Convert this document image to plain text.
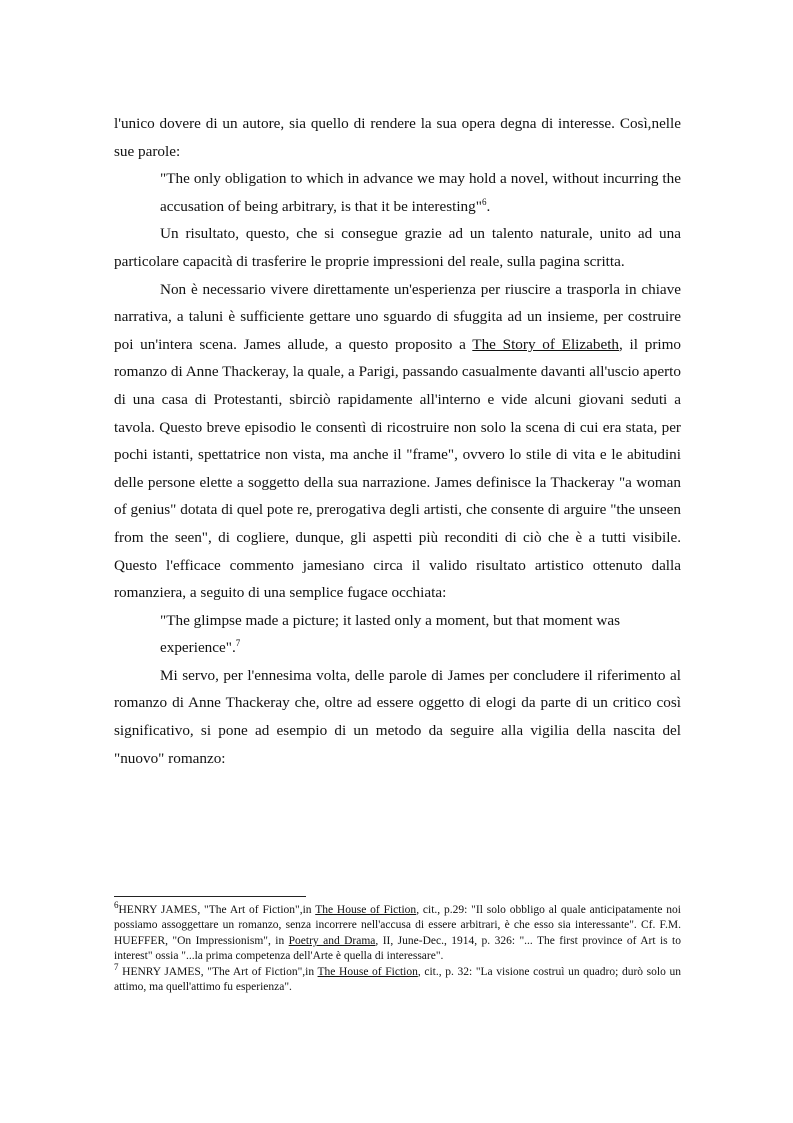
l'unico dovere di un autore, sia quello di rendere la sua opera degna di interesse. Così,nelle sue parole:

"The only obligation to which in advance we may hold a novel, without incurring the accusation of being arbitrary, is that it be interesting"$^6$.

Un risultato, questo, che si consegue grazie ad un talento naturale, unito ad una particolare capacità di trasferire le proprie impressioni del reale, sulla pagina scritta.

Non è necessario vivere direttamente un'esperienza per riuscire a trasporla in chiave narrativa, a taluni è sufficiente gettare uno sguardo di sfuggita ad un insieme, per costruire poi un'intera scena. James allude, a questo proposito a The Story of Elizabeth, il primo romanzo di Anne Thackeray, la quale, a Parigi, passando casualmente davanti all'uscio aperto di una casa di Protestanti, sbirciò rapidamente all'interno e vide alcuni giovani seduti a tavola. Questo breve episodio le consentì di ricostruire non solo la scena di cui era stata, per pochi istanti, spettatrice non vista, ma anche il "frame", ovvero lo stile di vita e le abitudini delle persone elette a soggetto della sua narrazione. James definisce la Thackeray "a woman of genius" dotata di quel pote re, prerogativa degli artisti, che consente di arguire "the unseen from the seen", di cogliere, dunque, gli aspetti più reconditi di ciò che è a tutti visibile. Questo l'efficace commento jamesiano circa il valido risultato artistico ottenuto dalla romanziera, a seguito di una semplice fugace occhiata:

"The glimpse made a picture; it lasted only a moment, but that moment was

experience".$^7$

Mi servo, per l'ennesima volta, delle parole di James per concludere il riferimento al romanzo di Anne Thackeray che, oltre ad essere oggetto di elogi da parte di un critico così significativo, si pone ad esempio di un metodo da seguire alla vigilia della nascita del "nuovo" romanzo:

$^6$HENRY JAMES, "The Art of Fiction",in The House of Fiction, cit., p.29: "Il solo obbligo al quale anticipatamente noi possiamo assoggettare un romanzo, senza incorrere nell'accusa di essere arbitrari, è che esso sia interessante". Cf. F.M. HUEFFER, "On Impressionism", in Poetry and Drama, II, June-Dec., 1914, p. 326: "... The first province of Art is to interest" ossia "...la prima competenza dell'Arte è quella di interessare".

$^7$ HENRY JAMES, "The Art of Fiction",in The House of Fiction, cit., p. 32: "La visione costruì un quadro; durò solo un attimo, ma quell'attimo fu esperienza".
